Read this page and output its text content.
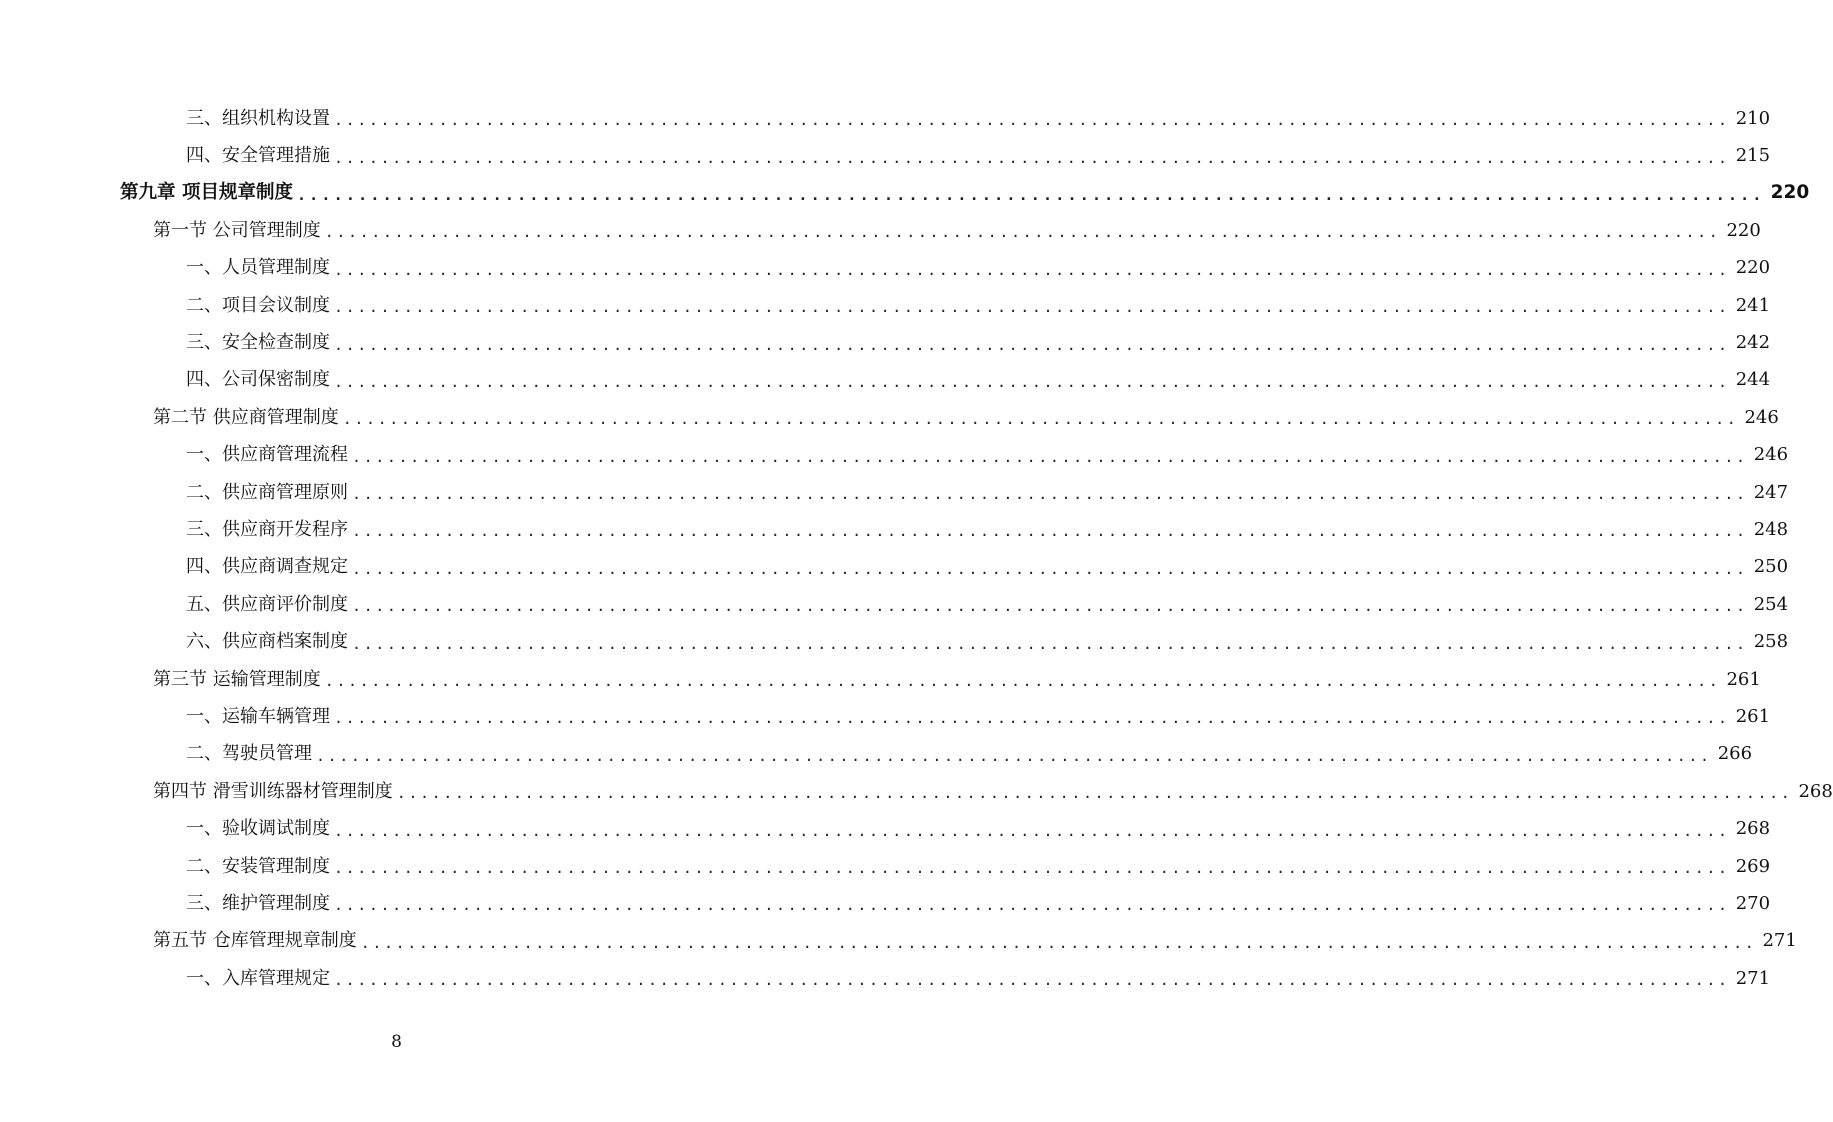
三、组织机构设置 ........................................................................................................................ 210
四、安全管理措施 ........................................................................................................................ 215
第九章 项目规章制度 ........................................................................................................................ 220
第一节 公司管理制度 ........................................................................................................................ 220
一、人员管理制度 ........................................................................................................................ 220
二、项目会议制度 ........................................................................................................................ 241
三、安全检查制度 ........................................................................................................................ 242
四、公司保密制度 ........................................................................................................................ 244
第二节 供应商管理制度 ........................................................................................................................ 246
一、供应商管理流程 ........................................................................................................................ 246
二、供应商管理原则 ........................................................................................................................ 247
三、供应商开发程序 ........................................................................................................................ 248
四、供应商调查规定 ........................................................................................................................ 250
五、供应商评价制度 ........................................................................................................................ 254
六、供应商档案制度 ........................................................................................................................ 258
第三节 运输管理制度 ........................................................................................................................ 261
一、运输车辆管理 ........................................................................................................................ 261
二、驾驶员管理 ........................................................................................................................ 266
第四节 滑雪训练器材管理制度 ........................................................................................................................ 268
一、验收调试制度 ........................................................................................................................ 268
二、安装管理制度 ........................................................................................................................ 269
三、维护管理制度 ........................................................................................................................ 270
第五节 仓库管理规章制度 ........................................................................................................................ 271
一、入库管理规定 ........................................................................................................................ 271
8
